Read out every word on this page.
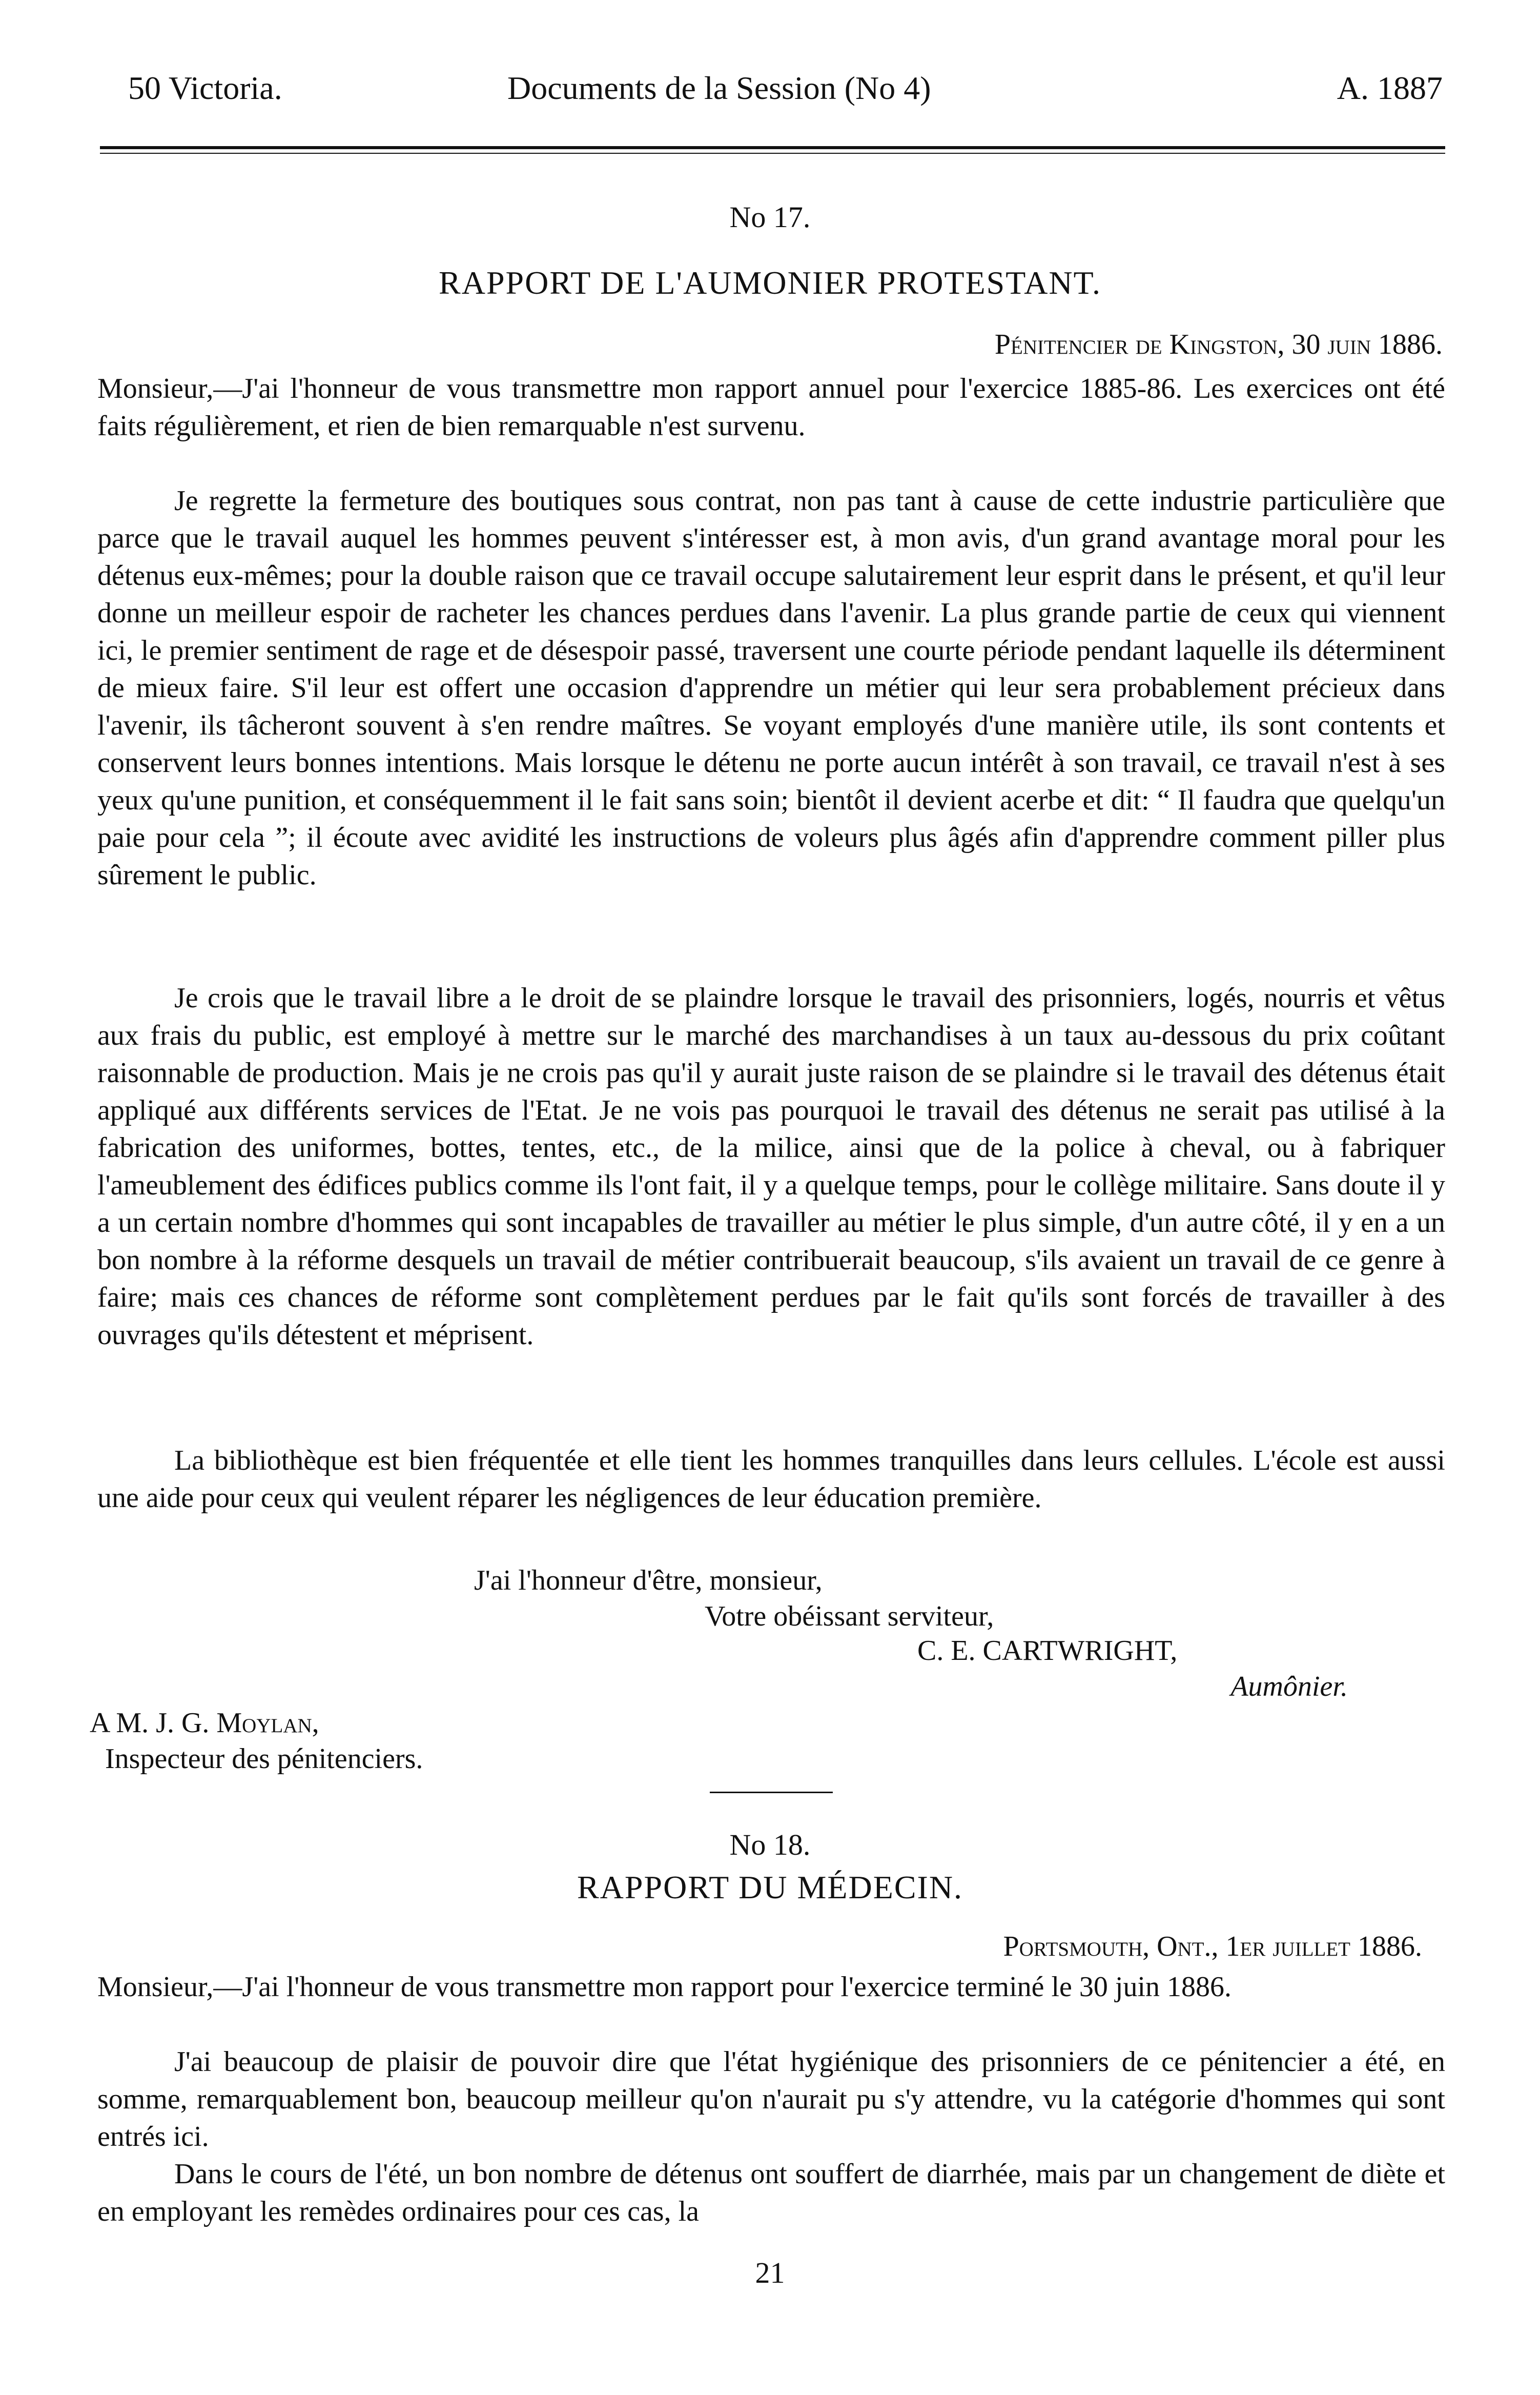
50 Victoria.	Documents de la Session (No 4)	A. 1887
No 17.
RAPPORT DE L'AUMONIER PROTESTANT.
Pénitencier de Kingston, 30 juin 1886.

Monsieur,—J'ai l'honneur de vous transmettre mon rapport annuel pour l'exercice 1885-86. Les exercices ont été faits régulièrement, et rien de bien remarquable n'est survenu.

Je regrette la fermeture des boutiques sous contrat, non pas tant à cause de cette industrie particulière que parce que le travail auquel les hommes peuvent s'intéresser est, à mon avis, d'un grand avantage moral pour les détenus eux-mêmes; pour la double raison que ce travail occupe salutairement leur esprit dans le présent, et qu'il leur donne un meilleur espoir de racheter les chances perdues dans l'avenir. La plus grande partie de ceux qui viennent ici, le premier sentiment de rage et de désespoir passé, traversent une courte période pendant laquelle ils déterminent de mieux faire. S'il leur est offert une occasion d'apprendre un métier qui leur sera probablement précieux dans l'avenir, ils tâcheront souvent à s'en rendre maîtres. Se voyant employés d'une manière utile, ils sont contents et conservent leurs bonnes intentions. Mais lorsque le détenu ne porte aucun intérêt à son travail, ce travail n'est à ses yeux qu'une punition, et conséquemment il le fait sans soin; bientôt il devient acerbe et dit: “ Il faudra que quelqu'un paie pour cela ”; il écoute avec avidité les instructions de voleurs plus âgés afin d'apprendre comment piller plus sûrement le public.

Je crois que le travail libre a le droit de se plaindre lorsque le travail des prisonniers, logés, nourris et vêtus aux frais du public, est employé à mettre sur le marché des marchandises à un taux au-dessous du prix coûtant raisonnable de production. Mais je ne crois pas qu'il y aurait juste raison de se plaindre si le travail des détenus était appliqué aux différents services de l'Etat. Je ne vois pas pourquoi le travail des détenus ne serait pas utilisé à la fabrication des uniformes, bottes, tentes, etc., de la milice, ainsi que de la police à cheval, ou à fabriquer l'ameublement des édifices publics comme ils l'ont fait, il y a quelque temps, pour le collège militaire. Sans doute il y a un certain nombre d'hommes qui sont incapables de travailler au métier le plus simple, d'un autre côté, il y en a un bon nombre à la réforme desquels un travail de métier contribuerait beaucoup, s'ils avaient un travail de ce genre à faire; mais ces chances de réforme sont complètement perdues par le fait qu'ils sont forcés de travailler à des ouvrages qu'ils détestent et méprisent.

La bibliothèque est bien fréquentée et elle tient les hommes tranquilles dans leurs cellules. L'école est aussi une aide pour ceux qui veulent réparer les négligences de leur éducation première.

J'ai l'honneur d'être, monsieur,
Votre obéissant serviteur,
C. E. CARTWRIGHT,
Aumônier.
A M. J. G. Moylan,
Inspecteur des pénitenciers.
No 18.
RAPPORT DU MÉDECIN.
Portsmouth, Ont., 1er juillet 1886.

Monsieur,—J'ai l'honneur de vous transmettre mon rapport pour l'exercice terminé le 30 juin 1886.

J'ai beaucoup de plaisir de pouvoir dire que l'état hygiénique des prisonniers de ce pénitencier a été, en somme, remarquablement bon, beaucoup meilleur qu'on n'aurait pu s'y attendre, vu la catégorie d'hommes qui sont entrés ici.

Dans le cours de l'été, un bon nombre de détenus ont souffert de diarrhée, mais par un changement de diète et en employant les remèdes ordinaires pour ces cas, la

21
